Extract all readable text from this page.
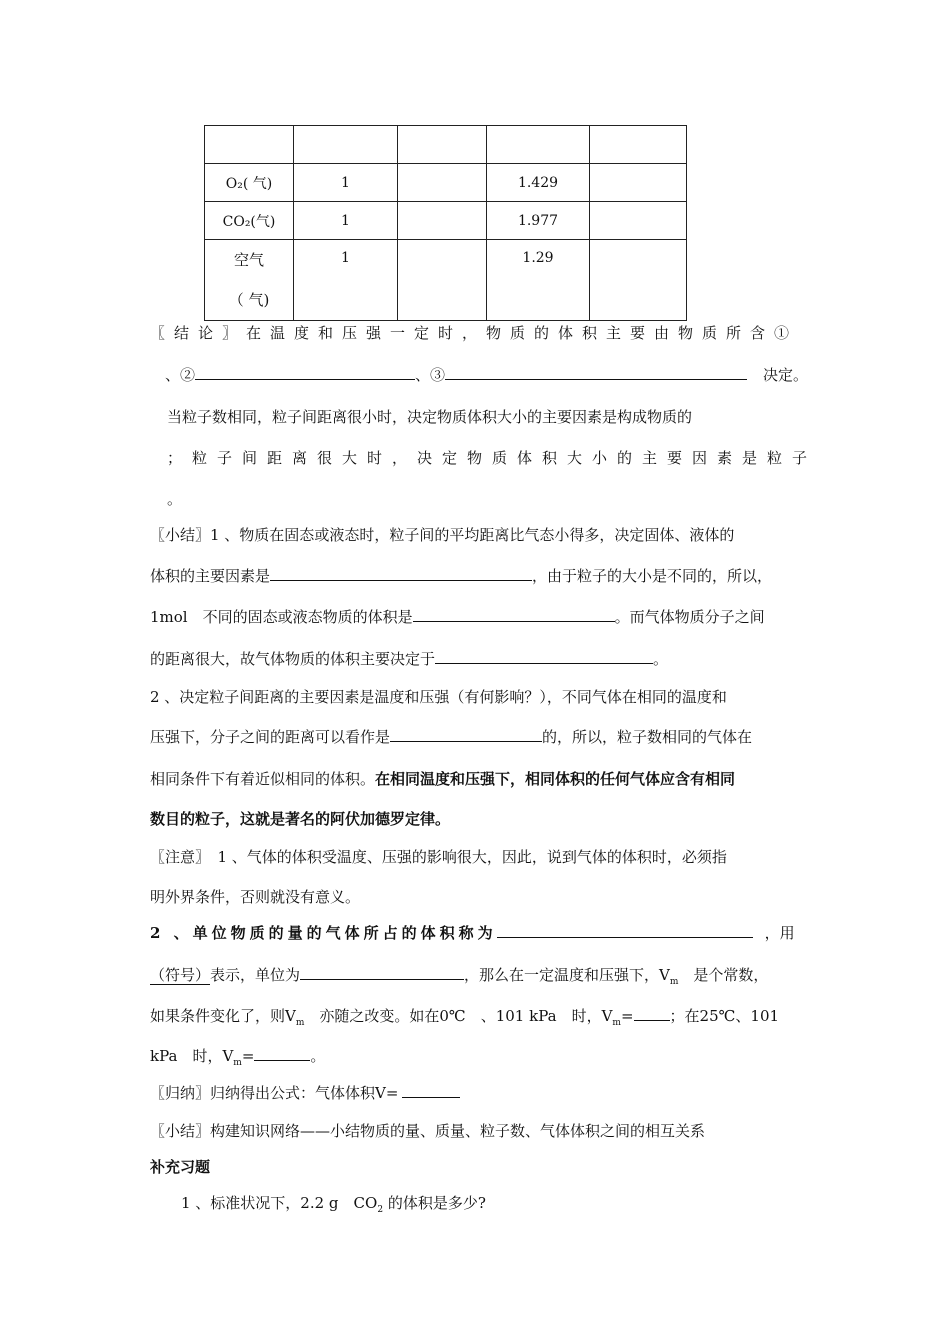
O₂( 气)	1		1.429	
CO₂(气)	1		1.977	

空气
（ 气)	1		1.29	
〖结论〗在温度和压强一定时，物质的体积主要由物质所含①
、②	、③	决定。
当粒子数相同，粒子间距离很小时，决定物质体积大小的主要因素是构成物质的
；粒子间距离很大时，决定物质体积大小的主要因素是粒子
。
〖小结〗1 、物质在固态或液态时，粒子间的平均距离比气态小得多，决定固体、液体的
体积的主要因素是	，由于粒子的大小是不同的，所以，
1mol　不同的固态或液态物质的体积是	。而气体物质分子之间
的距离很大，故气体物质的体积主要决定于	。
2 、决定粒子间距离的主要因素是温度和压强（有何影响？），不同气体在相同的温度和
压强下，分子之间的距离可以看作是	的，所以，粒子数相同的气体在
相同条件下有着近似相同的体积。在相同温度和压强下，相同体积的任何气体应含有相同
数目的粒子，这就是著名的阿伏加德罗定律。
〖注意〗　1 、气体的体积受温度、压强的影响很大，因此，说到气体的体积时，必须指
明外界条件，否则就没有意义。
2 、单位物质的量的气体所占的体积称为	，用
（符号）表示，单位为	，那么在一定温度和压强下，$V_m$　是个常数，
如果条件变化了，则$V_m$　亦随之改变。如在0℃　、101 kPa　时，$V_m=$ ；在25℃、101
kPa　时，$V_m=$	。
〖归纳〗归纳得出公式：气体体积V=
〖小结〗构建知识网络——小结物质的量、质量、粒子数、气体体积之间的相互关系
补充习题
1 、标准状况下，2.2 g　$CO_2$ 的体积是多少?
